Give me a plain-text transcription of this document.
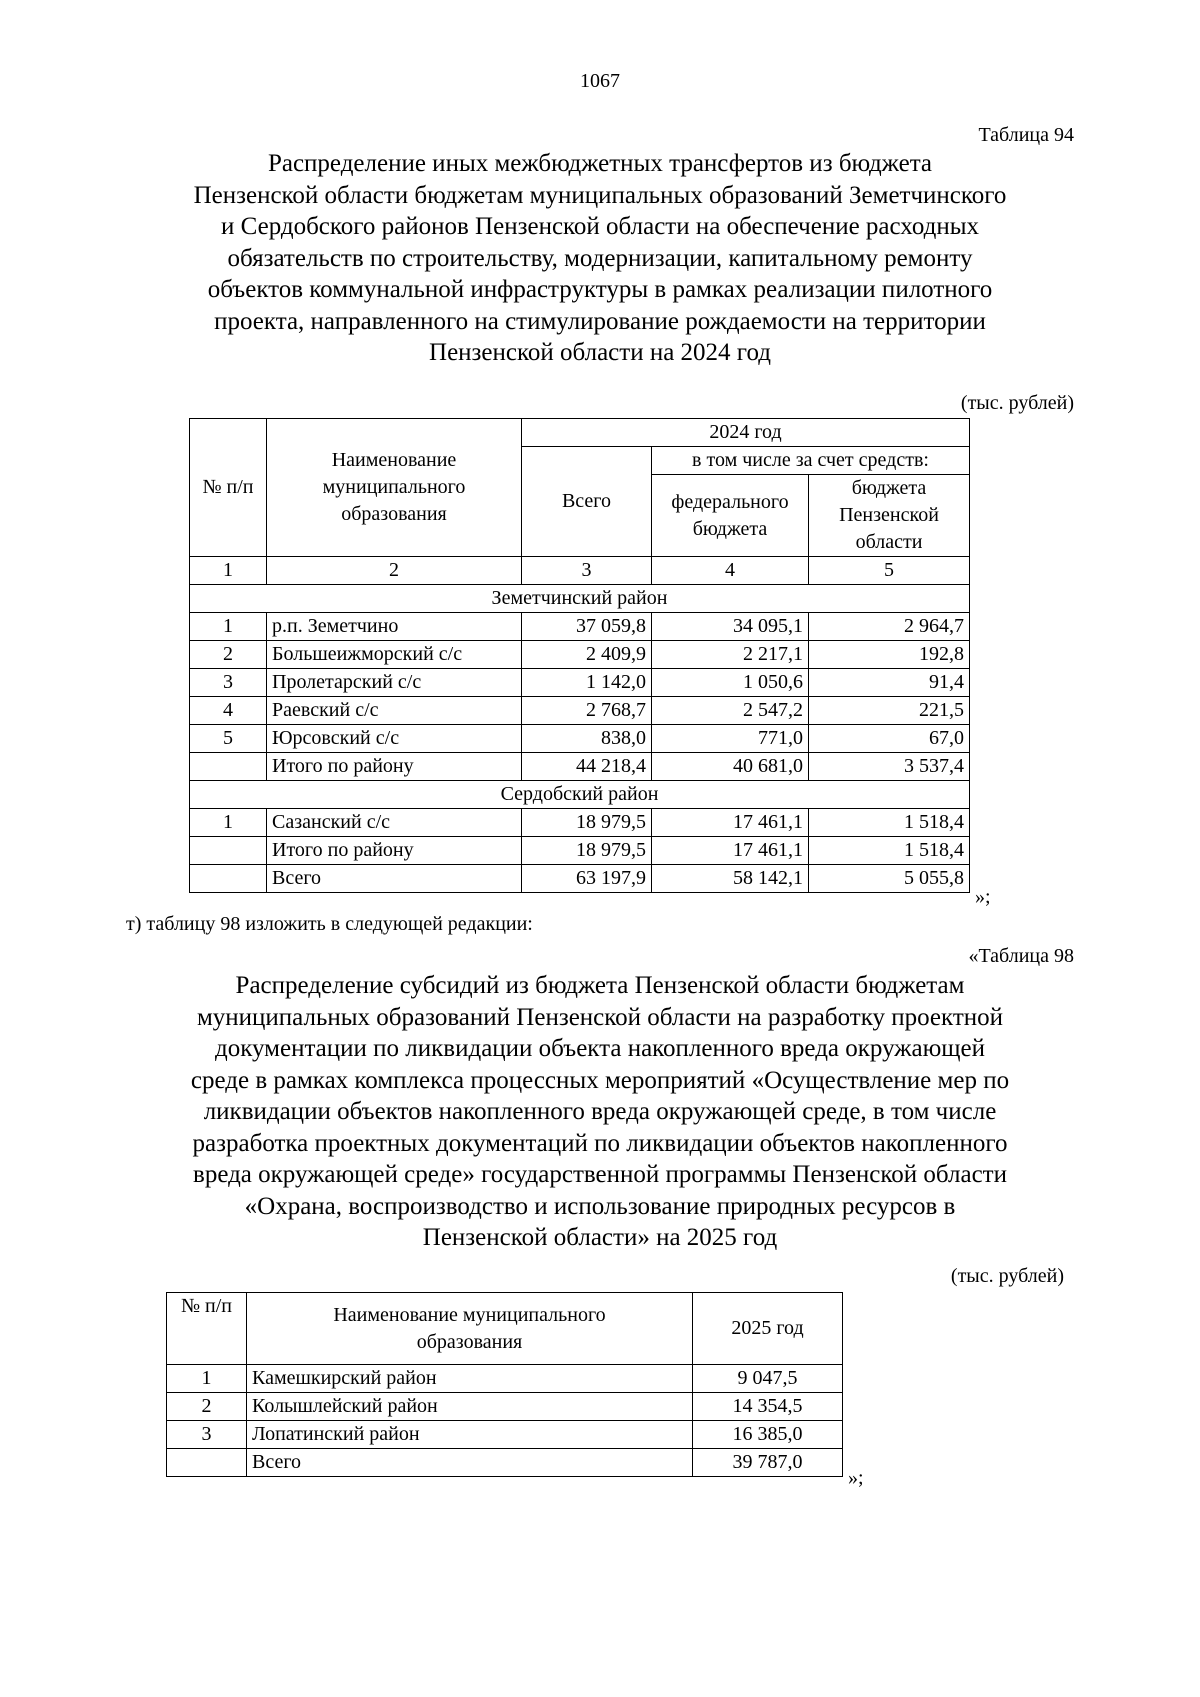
1067
Таблица 94
Распределение иных межбюджетных трансфертов из бюджета
Пензенской области бюджетам муниципальных образований Земетчинского
и Сердобского районов Пензенской области на обеспечение расходных
обязательств по строительству, модернизации, капитальному ремонту
объектов коммунальной инфраструктуры в рамках реализации пилотного
проекта, направленного на стимулирование рождаемости на территории
Пензенской области на 2024 год
(тыс. рублей)
№ п/п	Наименование муниципального образования	2024 год		
		Всего	в том числе за счет средств:	
			федерального бюджета	бюджета Пензенской области

1	2	3	4	5
Земетчинский район				
1	р.п. Земетчино	37 059,8	34 095,1	2 964,7
2	Большеижморский с/с	2 409,9	2 217,1	192,8
3	Пролетарский с/с	1 142,0	1 050,6	91,4
4	Раевский с/с	2 768,7	2 547,2	221,5
5	Юрсовский с/с	838,0	771,0	67,0
	Итого по району	44 218,4	40 681,0	3 537,4
Сердобский район				
1	Сазанский с/с	18 979,5	17 461,1	1 518,4
	Итого по району	18 979,5	17 461,1	1 518,4
	Всего	63 197,9	58 142,1	5 055,8
»;
т) таблицу 98 изложить в следующей редакции:
«Таблица 98
Распределение субсидий из бюджета Пензенской области бюджетам
муниципальных образований Пензенской области на разработку проектной
документации по ликвидации объекта накопленного вреда окружающей
среде в рамках комплекса процессных мероприятий «Осуществление мер по
ликвидации объектов накопленного вреда окружающей среде, в том числе
разработка проектных документаций по ликвидации объектов накопленного
вреда окружающей среде» государственной программы Пензенской области
«Охрана, воспроизводство и использование природных ресурсов в
Пензенской области» на 2025 год
(тыс. рублей)
№ п/п	Наименование муниципального образования	2025 год
1	Камешкирский район	9 047,5
2	Колышлейский район	14 354,5
3	Лопатинский район	16 385,0
	Всего	39 787,0
»;
